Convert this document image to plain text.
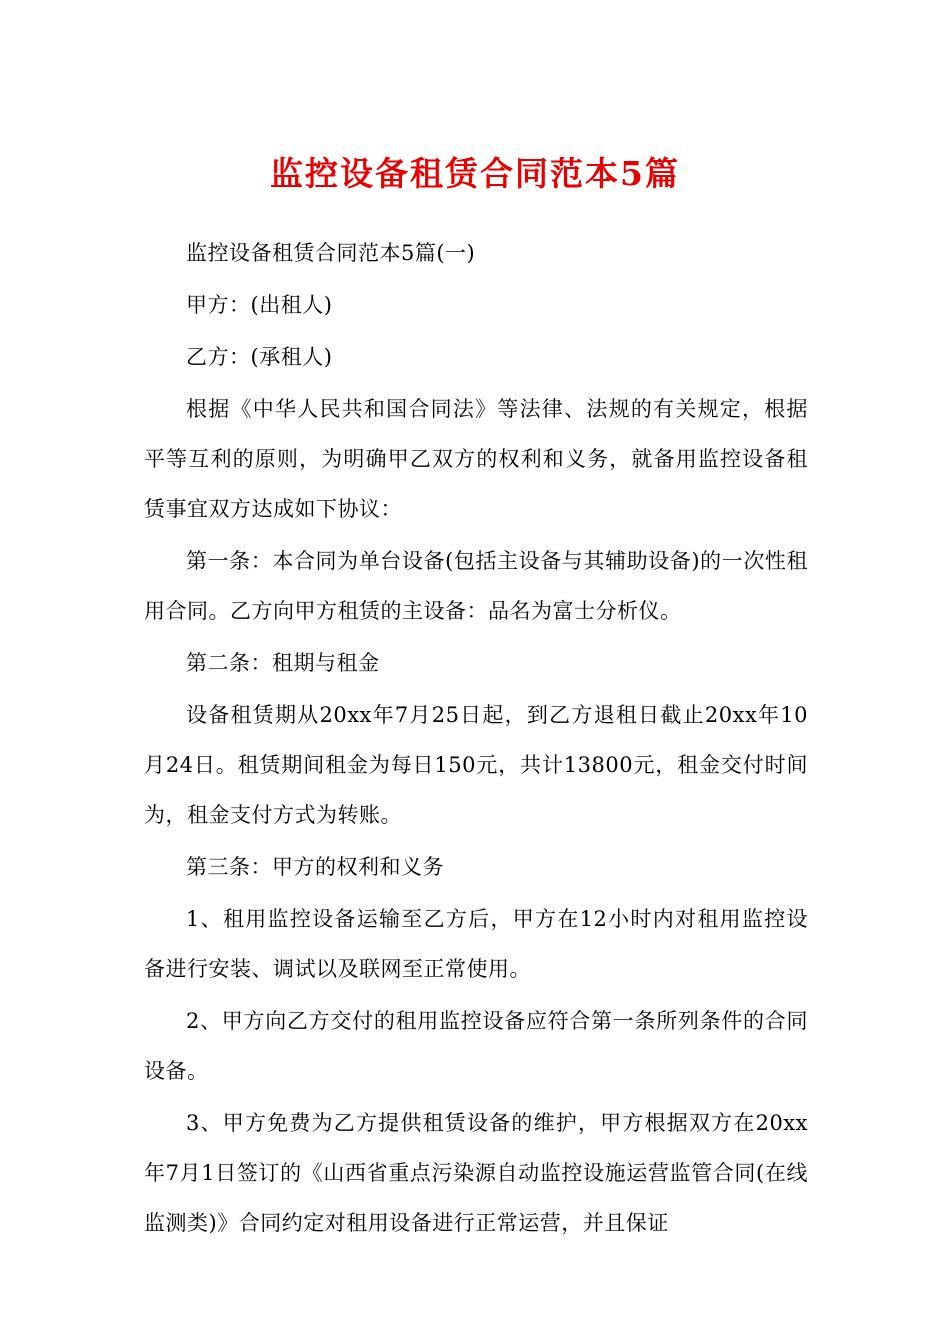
监控设备租赁合同范本5篇

监控设备租赁合同范本5篇(一)

甲方：(出租人)

乙方：(承租人)

根据《中华人民共和国合同法》等法律、法规的有关规定，根据平等互利的原则，为明确甲乙双方的权利和义务，就备用监控设备租赁事宜双方达成如下协议：

第一条：本合同为单台设备(包括主设备与其辅助设备)的一次性租用合同。乙方向甲方租赁的主设备：品名为富士分析仪。

第二条：租期与租金

设备租赁期从20xx年7月25日起，到乙方退租日截止20xx年10月24日。租赁期间租金为每日150元，共计13800元，租金交付时间为，租金支付方式为转账。

第三条：甲方的权利和义务

1、租用监控设备运输至乙方后，甲方在12小时内对租用监控设备进行安装、调试以及联网至正常使用。

2、甲方向乙方交付的租用监控设备应符合第一条所列条件的合同设备。

3、甲方免费为乙方提供租赁设备的维护，甲方根据双方在20xx年7月1日签订的《山西省重点污染源自动监控设施运营监管合同(在线监测类)》合同约定对租用设备进行正常运营，并且保证
